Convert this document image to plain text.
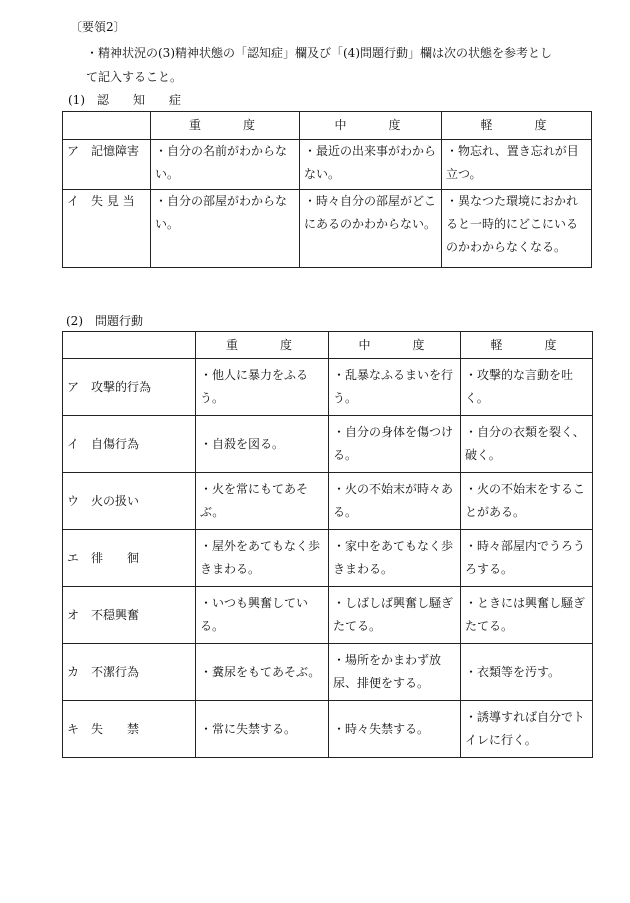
〔要領2〕
・精神状況の(3)精神状態の「認知症」欄及び「(4)問題行動」欄は次の状態を参考として記入すること。
(1)　認　　知　　症
	重　　度	中　　度	軽　　度
ア　記憶障害	・自分の名前がわからない。	・最近の出来事がわからない。	・物忘れ、置き忘れが目立つ。
イ　失 見 当	・自分の部屋がわからない。	・時々自分の部屋がどこにあるのかわからない。	・異なつた環境におかれると一時的にどこにいるのかわからなくなる。
(2)　問題行動
	重　　度	中　　度	軽　　度
ア　攻撃的行為	・他人に暴力をふるう。	・乱暴なふるまいを行う。	・攻撃的な言動を吐く。
イ　自傷行為	・自殺を図る。	・自分の身体を傷つける。	・自分の衣類を裂く、破く。
ウ　火の扱い	・火を常にもてあそぶ。	・火の不始末が時々ある。	・火の不始末をすることがある。
エ　徘　　徊	・屋外をあてもなく歩きまわる。	・家中をあてもなく歩きまわる。	・時々部屋内でうろうろする。
オ　不穏興奮	・いつも興奮している。	・しばしば興奮し騒ぎたてる。	・ときには興奮し騒ぎたてる。
カ　不潔行為	・糞尿をもてあそぶ。	・場所をかまわず放尿、排便をする。	・衣類等を汚す。
キ　失　　禁	・常に失禁する。	・時々失禁する。	・誘導すれば自分でトイレに行く。
